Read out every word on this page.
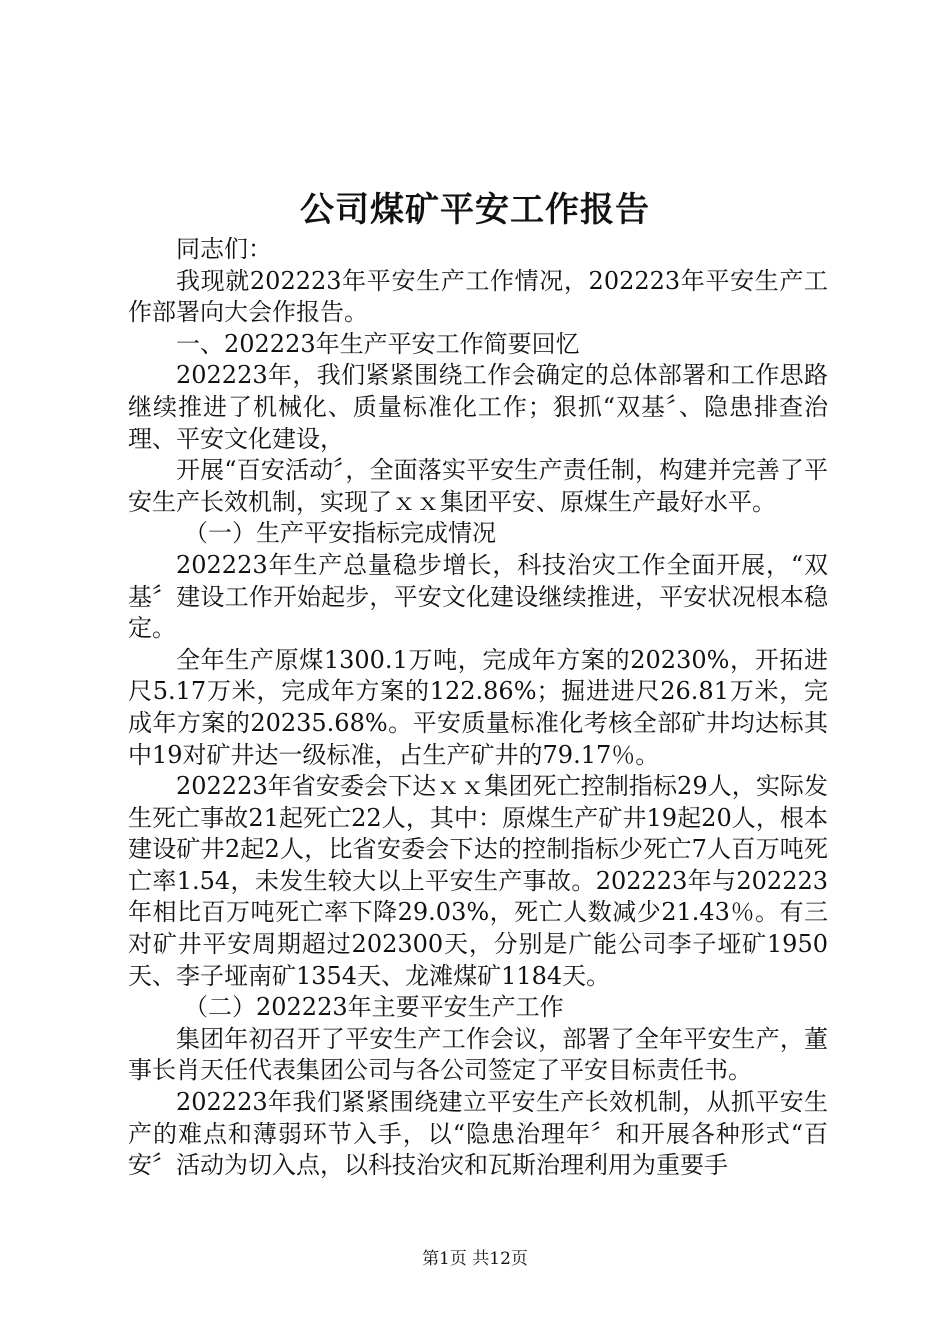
公司煤矿平安工作报告

同志们：

我现就202223年平安生产工作情况，202223年平安生产工作部署向大会作报告。

一、202223年生产平安工作简要回忆

202223年，我们紧紧围绕工作会确定的总体部署和工作思路继续推进了机械化、质量标准化工作；狠抓“双基〞、隐患排查治理、平安文化建设，

开展“百安活动〞，全面落实平安生产责任制，构建并完善了平安生产长效机制，实现了ｘｘ集团平安、原煤生产最好水平。

（一）生产平安指标完成情况

202223年生产总量稳步增长，科技治灾工作全面开展，“双基〞建设工作开始起步，平安文化建设继续推进，平安状况根本稳定。

全年生产原煤1300.1万吨，完成年方案的20230%，开拓进尺5.17万米，完成年方案的122.86%；掘进进尺26.81万米，完成年方案的20235.68%。平安质量标准化考核全部矿井均达标其中19对矿井达一级标准，占生产矿井的79.17％。

202223年省安委会下达ｘｘ集团死亡控制指标29人，实际发生死亡事故21起死亡22人，其中：原煤生产矿井19起20人，根本建设矿井2起2人，比省安委会下达的控制指标少死亡7人百万吨死亡率1.54，未发生较大以上平安生产事故。202223年与202223年相比百万吨死亡率下降29.03%，死亡人数减少21.43％。有三对矿井平安周期超过202300天，分别是广能公司李子垭矿1950天、李子垭南矿1354天、龙滩煤矿1184天。

（二）202223年主要平安生产工作

集团年初召开了平安生产工作会议，部署了全年平安生产，董事长肖天任代表集团公司与各公司签定了平安目标责任书。

202223年我们紧紧围绕建立平安生产长效机制，从抓平安生产的难点和薄弱环节入手，以“隐患治理年〞和开展各种形式“百安〞活动为切入点，以科技治灾和瓦斯治理利用为重要手

第1页 共12页
